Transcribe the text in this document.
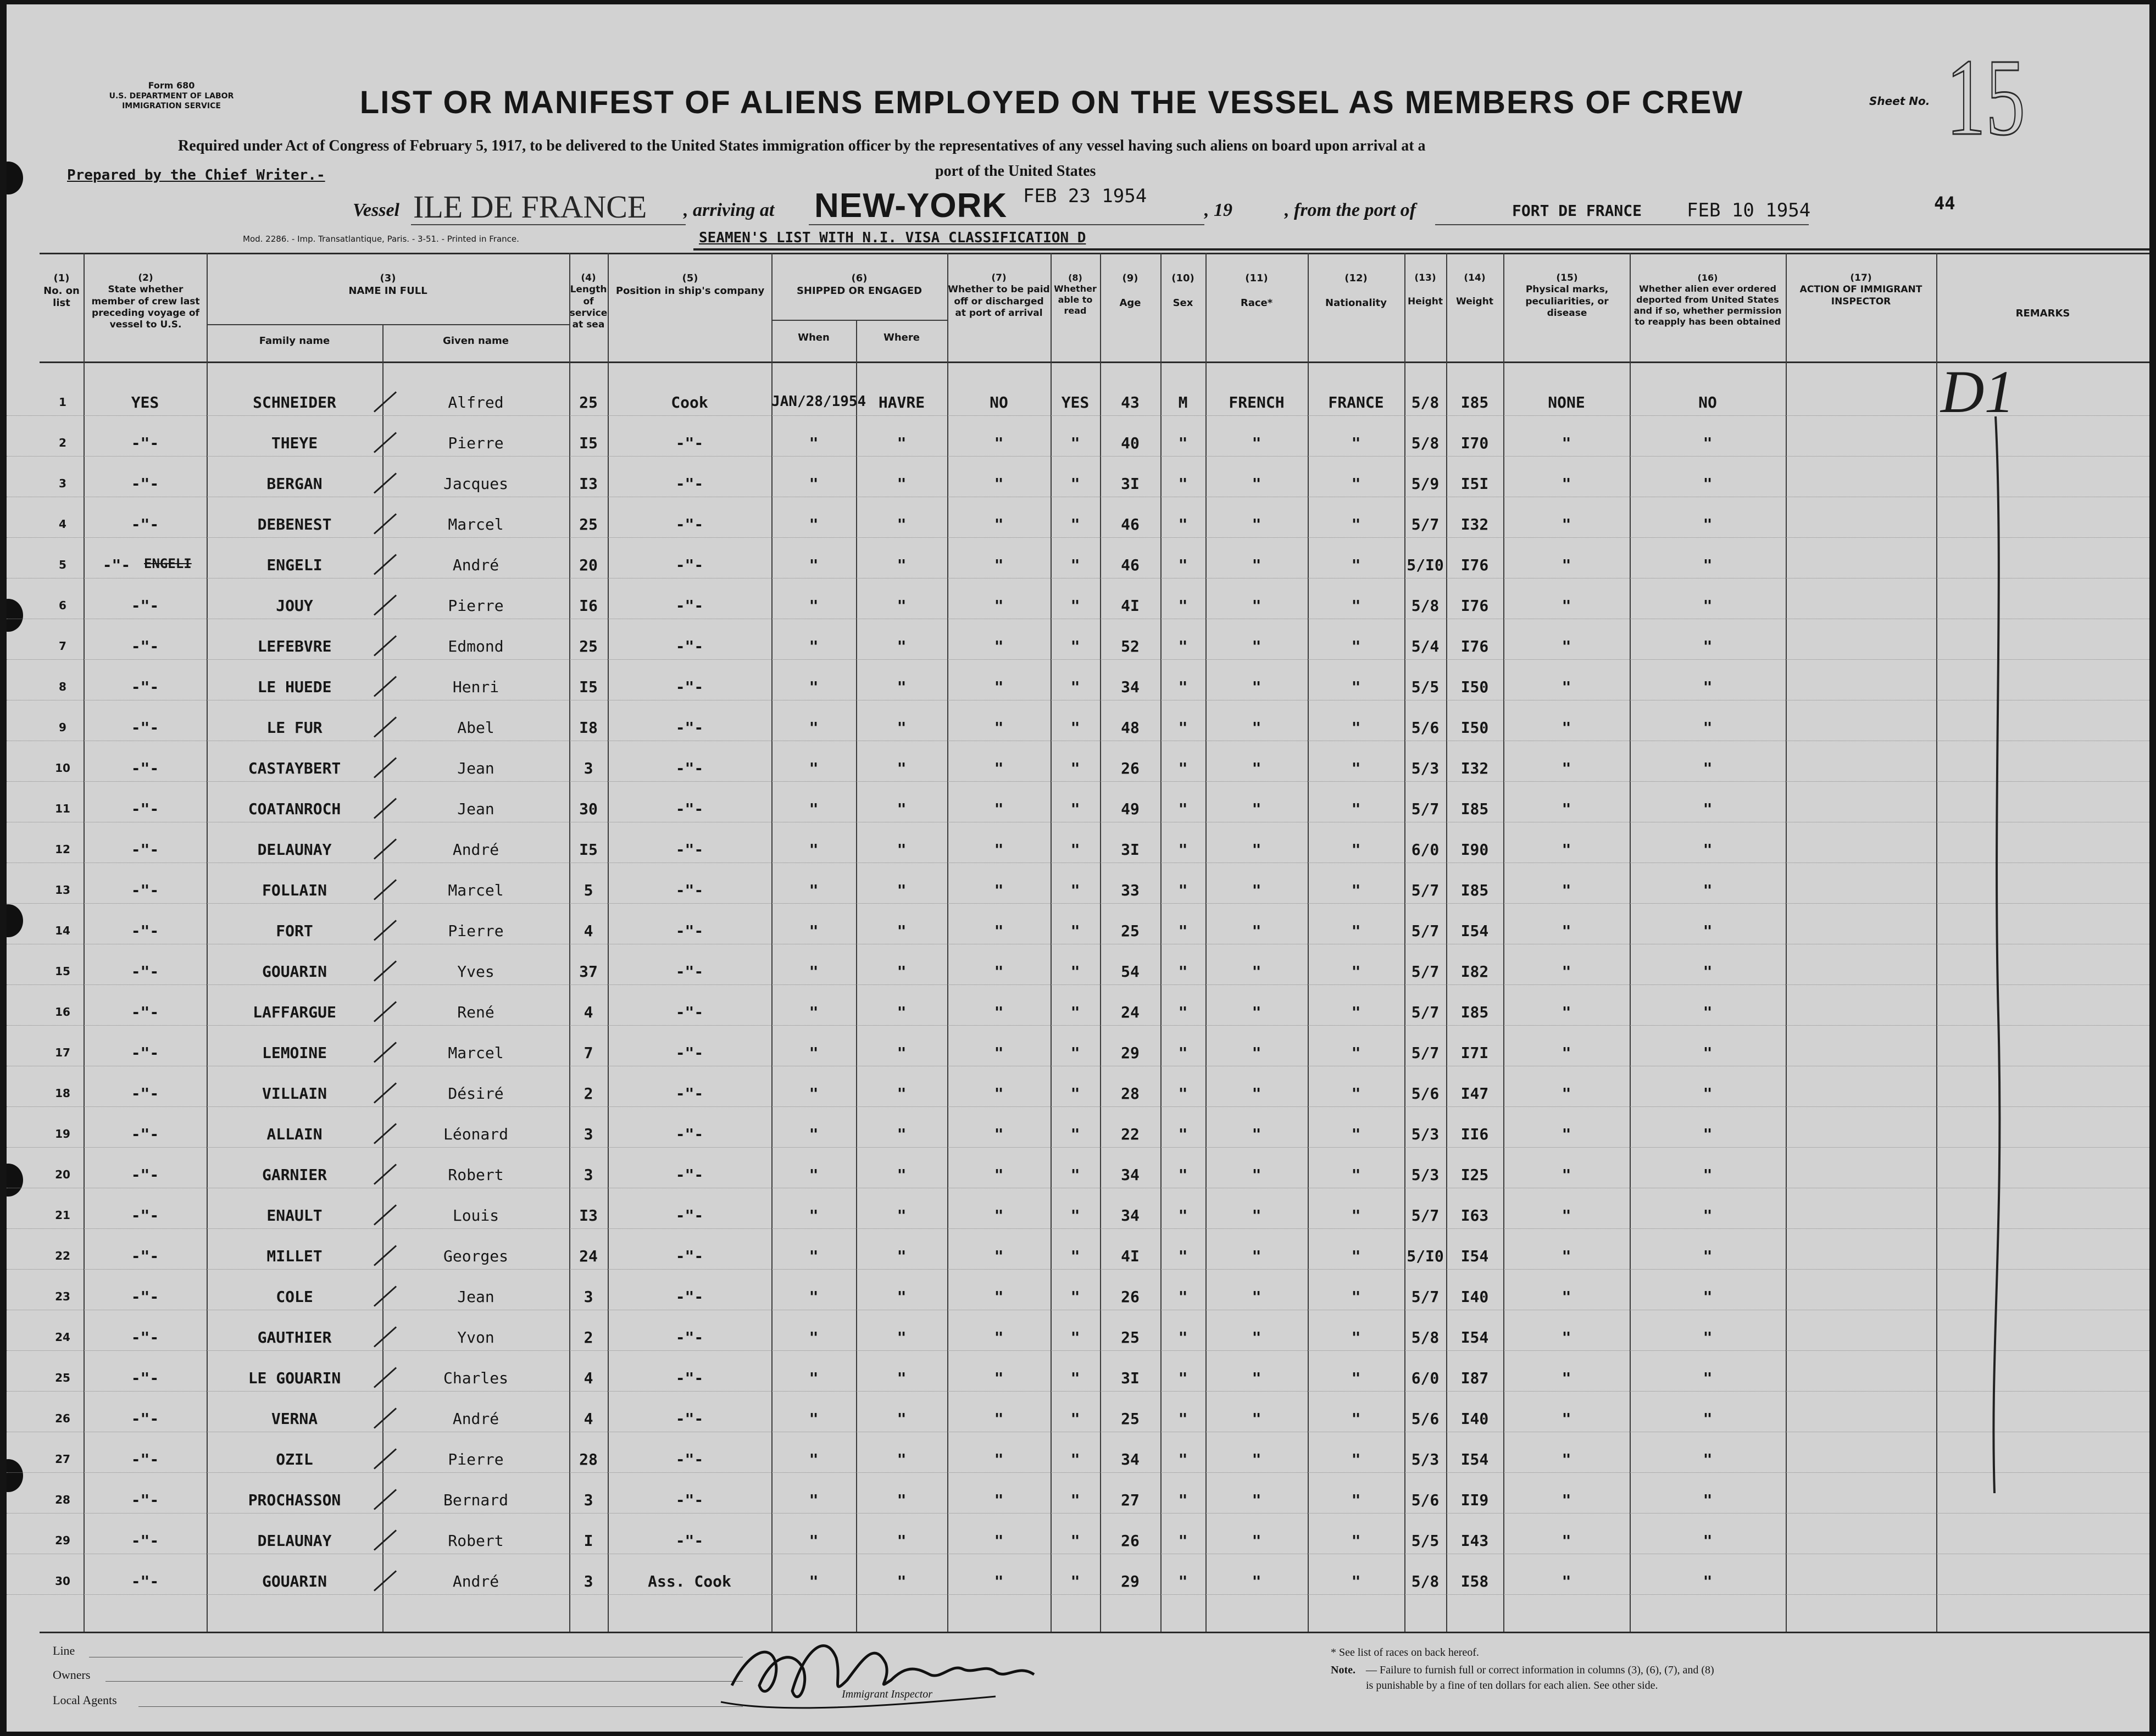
Form 680
U.S. DEPARTMENT OF LABOR
IMMIGRATION SERVICE	LIST OR MANIFEST OF ALIENS EMPLOYED ON THE VESSEL AS MEMBERS OF CREW	Sheet No. 15
Required under Act of Congress of February 5, 1917, to be delivered to the United States immigration officer by the representatives of any vessel having such aliens on board upon arrival at a
port of the United States
Prepared by the Chief Writer.-
Vessel ILE DE FRANCE , arriving at NEW-YORK FEB 23 1954
, 19	, from the port of	FORT DE FRANCE FEB 10 1954	44
Mod. 2286. - Imp. Transatlantique, Paris. - 3-51. - Printed in France.	SEAMEN'S LIST WITH N.I. VISA CLASSIFICATION D
(1)
No. on list
(2)
State whether member of crew last preceding voyage of vessel to U.S.
(3)
NAME IN FULL
Family name	Given name
(4)
Length of service at sea
(5)
Position in ship's company
(6)
SHIPPED OR ENGAGED
When	Where
(7)
Whether to be paid off or discharged at port of arrival
(8)
Whether able to read
(9)

Age
(10)

Sex
(11)

Race*
(12)

Nationality
(13)

Height
(14)

Weight
(15)
Physical marks, peculiarities, or disease
(16)
Whether alien ever ordered deported from United States and if so, whether permission to reapply has been obtained
(17)
ACTION OF IMMIGRANT INSPECTOR
REMARKS
1	YES	SCHNEIDER	Alfred	25	Cook	JAN/28/1954 HAVRE	NO	YES	43	M	FRENCH	FRANCE	5/8	I85	NONE	NO
2	-"-	THEYE	Pierre	I5	-"-	"	"	"	"	40	"	"	"	5/8	I70	"	"
3	-"-	BERGAN	Jacques	I3	-"-	"	"	"	"	3I	"	"	"	5/9	I5I	"	"
4	-"-	DEBENEST	Marcel	25	-"-	"	"	"	"	46	"	"	"	5/7	I32	"	"
5	-"-	ENGELI	André	20	-"-	"	"	"	"	46	"	"	"	5/I0	I76	"	"
6	-"-	JOUY	Pierre	I6	-"-	"	"	"	"	4I	"	"	"	5/8	I76	"	"
7	-"-	LEFEBVRE	Edmond	25	-"-	"	"	"	"	52	"	"	"	5/4	I76	"	"
8	-"-	LE HUEDE	Henri	I5	-"-	"	"	"	"	34	"	"	"	5/5	I50	"	"
9	-"-	LE FUR	Abel	I8	-"-	"	"	"	"	48	"	"	"	5/6	I50	"	"
10	-"-	CASTAYBERT	Jean	3	-"-	"	"	"	"	26	"	"	"	5/3	I32	"	"
11	-"-	COATANROCH	Jean	30	-"-	"	"	"	"	49	"	"	"	5/7	I85	"	"
12	-"-	DELAUNAY	André	I5	-"-	"	"	"	"	3I	"	"	"	6/0	I90	"	"
13	-"-	FOLLAIN	Marcel	5	-"-	"	"	"	"	33	"	"	"	5/7	I85	"	"
14	-"-	FORT	Pierre	4	-"-	"	"	"	"	25	"	"	"	5/7	I54	"	"
15	-"-	GOUARIN	Yves	37	-"-	"	"	"	"	54	"	"	"	5/7	I82	"	"
16	-"-	LAFFARGUE	René	4	-"-	"	"	"	"	24	"	"	"	5/7	I85	"	"
17	-"-	LEMOINE	Marcel	7	-"-	"	"	"	"	29	"	"	"	5/7	I7I	"	"
18	-"-	VILLAIN	Désiré	2	-"-	"	"	"	"	28	"	"	"	5/6	I47	"	"
19	-"-	ALLAIN	Léonard	3	-"-	"	"	"	"	22	"	"	"	5/3	II6	"	"
20	-"-	GARNIER	Robert	3	-"-	"	"	"	"	34	"	"	"	5/3	I25	"	"
21	-"-	ENAULT	Louis	I3	-"-	"	"	"	"	34	"	"	"	5/7	I63	"	"
22	-"-	MILLET	Georges	24	-"-	"	"	"	"	4I	"	"	"	5/I0	I54	"	"
23	-"-	COLE	Jean	3	-"-	"	"	"	"	26	"	"	"	5/7	I40	"	"
24	-"-	GAUTHIER	Yvon	2	-"-	"	"	"	"	25	"	"	"	5/8	I54	"	"
25	-"-	LE GOUARIN	Charles	4	-"-	"	"	"	"	3I	"	"	"	6/0	I87	"	"
26	-"-	VERNA	André	4	-"-	"	"	"	"	25	"	"	"	5/6	I40	"	"
27	-"-	OZIL	Pierre	28	-"-	"	"	"	"	34	"	"	"	5/3	I54	"	"
28	-"-	PROCHASSON	Bernard	3	-"-	"	"	"	"	27	"	"	"	5/6	II9	"	"
29	-"-	DELAUNAY	Robert	I	-"-	"	"	"	"	26	"	"	"	5/5	I43	"	"
30	-"-	GOUARIN	André	3	Ass. Cook	"	"	"	"	29	"	"	"	5/8	I58	"	"
ENGELI
D1
Line
Owners
Local Agents	Immigrant Inspector
* See list of races on back hereof.
Note. — Failure to furnish full or correct information in columns (3), (6), (7), and (8)
is punishable by a fine of ten dollars for each alien. See other side.
